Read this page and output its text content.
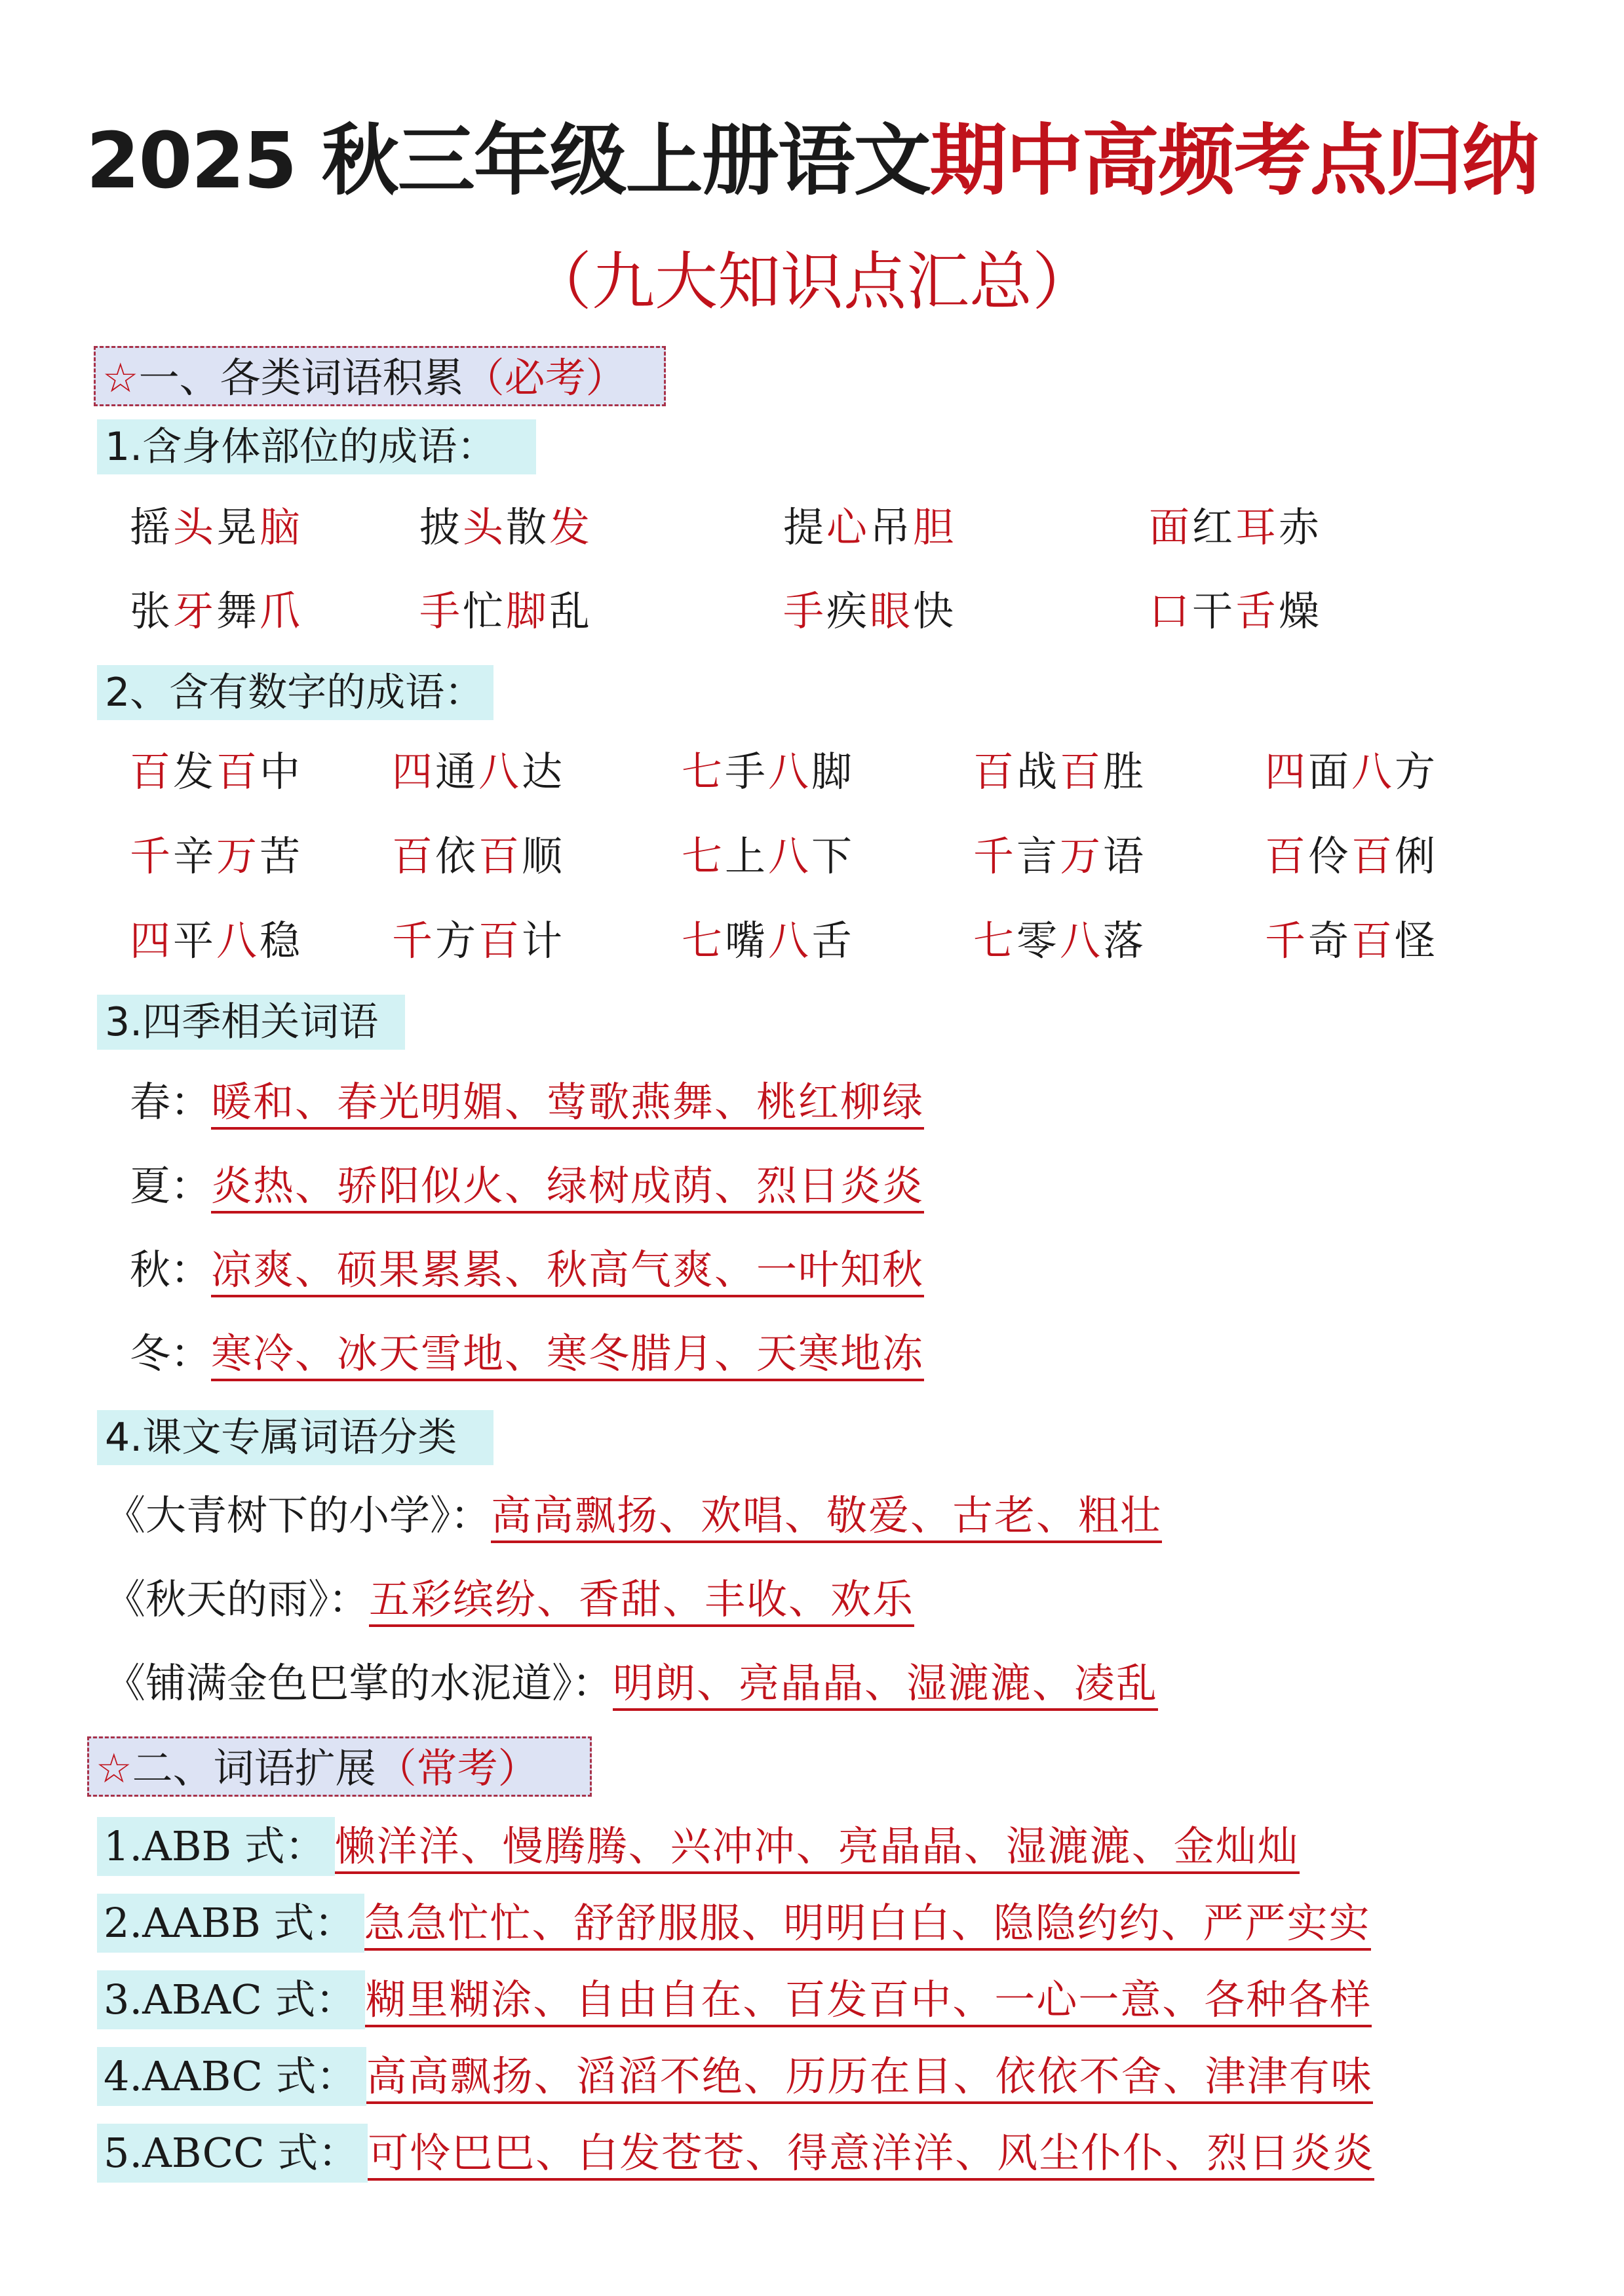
2025 秋三年级上册语文期中高频考点归纳
（九大知识点汇总）
☆一、各类词语积累（必考）
1.含身体部位的成语：
摇头晃脑	披头散发	提心吊胆	面红耳赤
张牙舞爪	手忙脚乱	手疾眼快	口干舌燥
2、含有数字的成语：
百发百中 四通八达	七手八脚	百战百胜	四面八方
千辛万苦 百依百顺	七上八下	千言万语	百伶百俐
四平八稳 千方百计	七嘴八舌	七零八落	千奇百怪
3.四季相关词语
春：暖和、春光明媚、莺歌燕舞、桃红柳绿
夏：炎热、骄阳似火、绿树成荫、烈日炎炎
秋：凉爽、硕果累累、秋高气爽、一叶知秋
冬：寒冷、冰天雪地、寒冬腊月、天寒地冻
4.课文专属词语分类
《大青树下的小学》：高高飘扬、欢唱、敬爱、古老、粗壮
《秋天的雨》：五彩缤纷、香甜、丰收、欢乐
《铺满金色巴掌的水泥道》：明朗、亮晶晶、湿漉漉、凌乱
☆二、词语扩展（常考）
1.ABB 式： 懒洋洋、慢腾腾、兴冲冲、亮晶晶、湿漉漉、金灿灿
2.AABB 式： 急急忙忙、舒舒服服、明明白白、隐隐约约、严严实实
3.ABAC 式： 糊里糊涂、自由自在、百发百中、一心一意、各种各样
4.AABC 式： 高高飘扬、滔滔不绝、历历在目、依依不舍、津津有味
5.ABCC 式： 可怜巴巴、白发苍苍、得意洋洋、风尘仆仆、烈日炎炎
